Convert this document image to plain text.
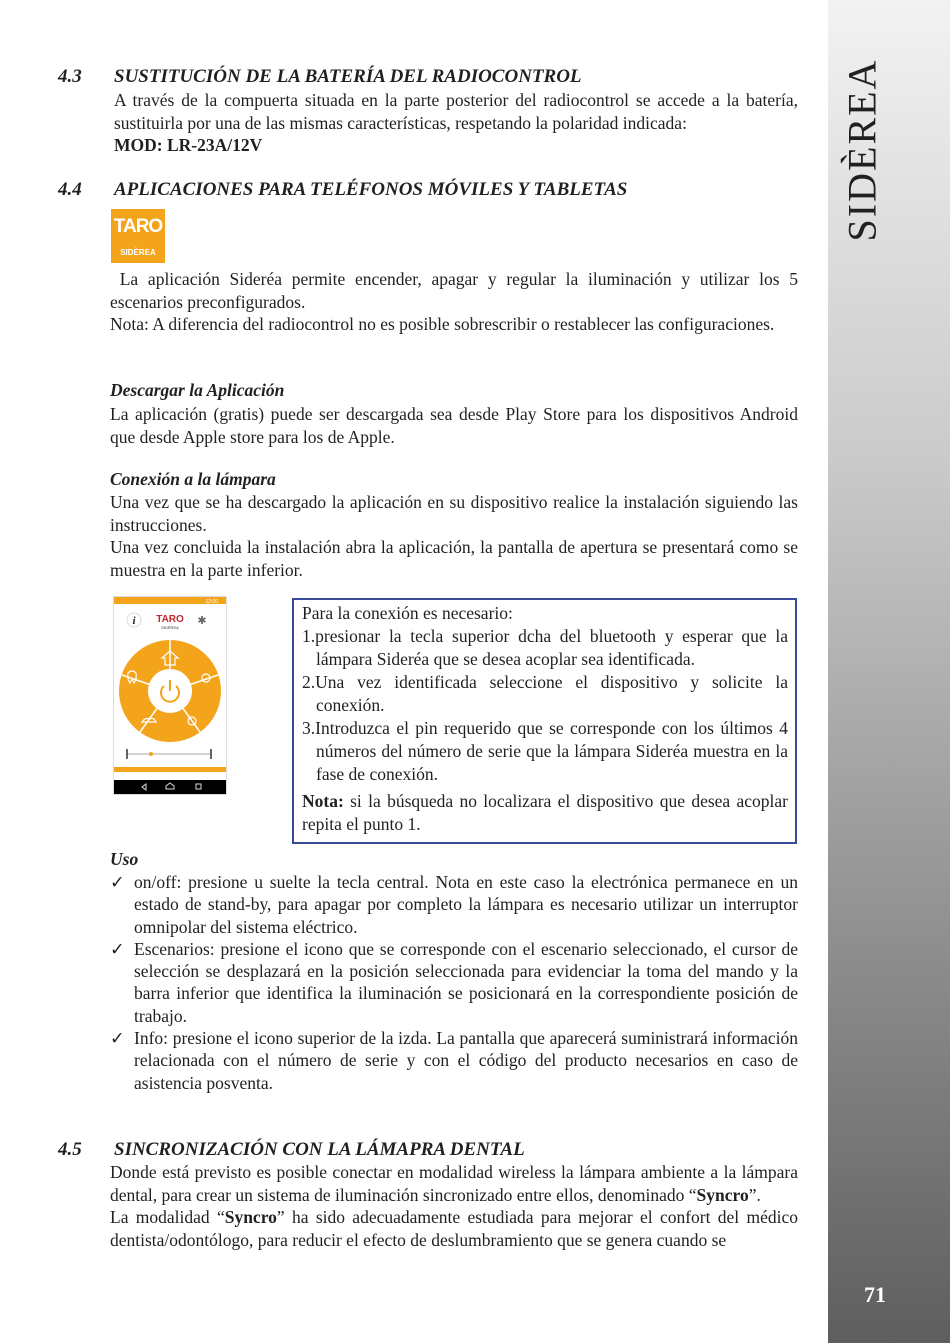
SIDÈREA
71
4.3 SUSTITUCIÓN DE LA BATERÍA DEL RADIOCONTROL

A través de la compuerta situada en la parte posterior del radiocontrol se accede a la batería, sustituirla por una de las mismas características, respetando la polaridad indicada:
MOD: LR-23A/12V

4.4 APLICACIONES PARA TELÉFONOS MÓVILES Y TABLETAS
TARO
SIDÈREA

La aplicación Sideréa permite encender, apagar y regular la iluminación y utilizar los 5 escenarios preconfigurados.
Nota: A diferencia del radiocontrol no es posible sobrescribir o restablecer las configuraciones.

Descargar la Aplicación

La aplicación (gratis) puede ser descargada sea desde Play Store para los dispositivos Android que desde Apple store para los de Apple.

Conexión a la lámpara

Una vez que se ha descargado la aplicación en su dispositivo realice la instalación siguiendo las instrucciones.
Una vez concluida la instalación abra la aplicación, la pantalla de apertura se presentará como se muestra en la parte inferior.

12:00
i TARO
SIDÈREA
✱	Para la conexión es necesario:
1.presionar la tecla superior dcha del bluetooth y esperar que la lámpara Sideréa que se desea acoplar sea identificada.
2.Una vez identificada seleccione el dispositivo y solicite la conexión.
3.Introduzca el pin requerido que se corresponde con los últimos 4 números del número de serie que la lámpara Sideréa muestra en la fase de conexión.
Nota: si la búsqueda no localizara el dispositivo que desea acoplar repita el punto 1.
Uso
✓ on/off: presione u suelte la tecla central. Nota en este caso la electrónica permanece en un estado de stand-by, para apagar por completo la lámpara es necesario utilizar un interruptor omnipolar del sistema eléctrico.
✓ Escenarios: presione el icono que se corresponde con el escenario seleccionado, el cursor de selección se desplazará en la posición seleccionada para evidenciar la toma del mando y la barra inferior que identifica la iluminación se posicionará en la correspondiente posición de trabajo.
✓ Info: presione el icono superior de la izda. La pantalla que aparecerá suministrará información relacionada con el número de serie y con el código del producto necesarios en caso de asistencia posventa.
4.5 SINCRONIZACIÓN CON LA LÁMAPRA DENTAL

Donde está previsto es posible conectar en modalidad wireless la lámpara ambiente a la lámpara dental, para crear un sistema de iluminación sincronizado entre ellos, denominado “Syncro”.
La modalidad “Syncro” ha sido adecuadamente estudiada para mejorar el confort del médico dentista/odontólogo, para reducir el efecto de deslumbramiento que se genera cuando se
